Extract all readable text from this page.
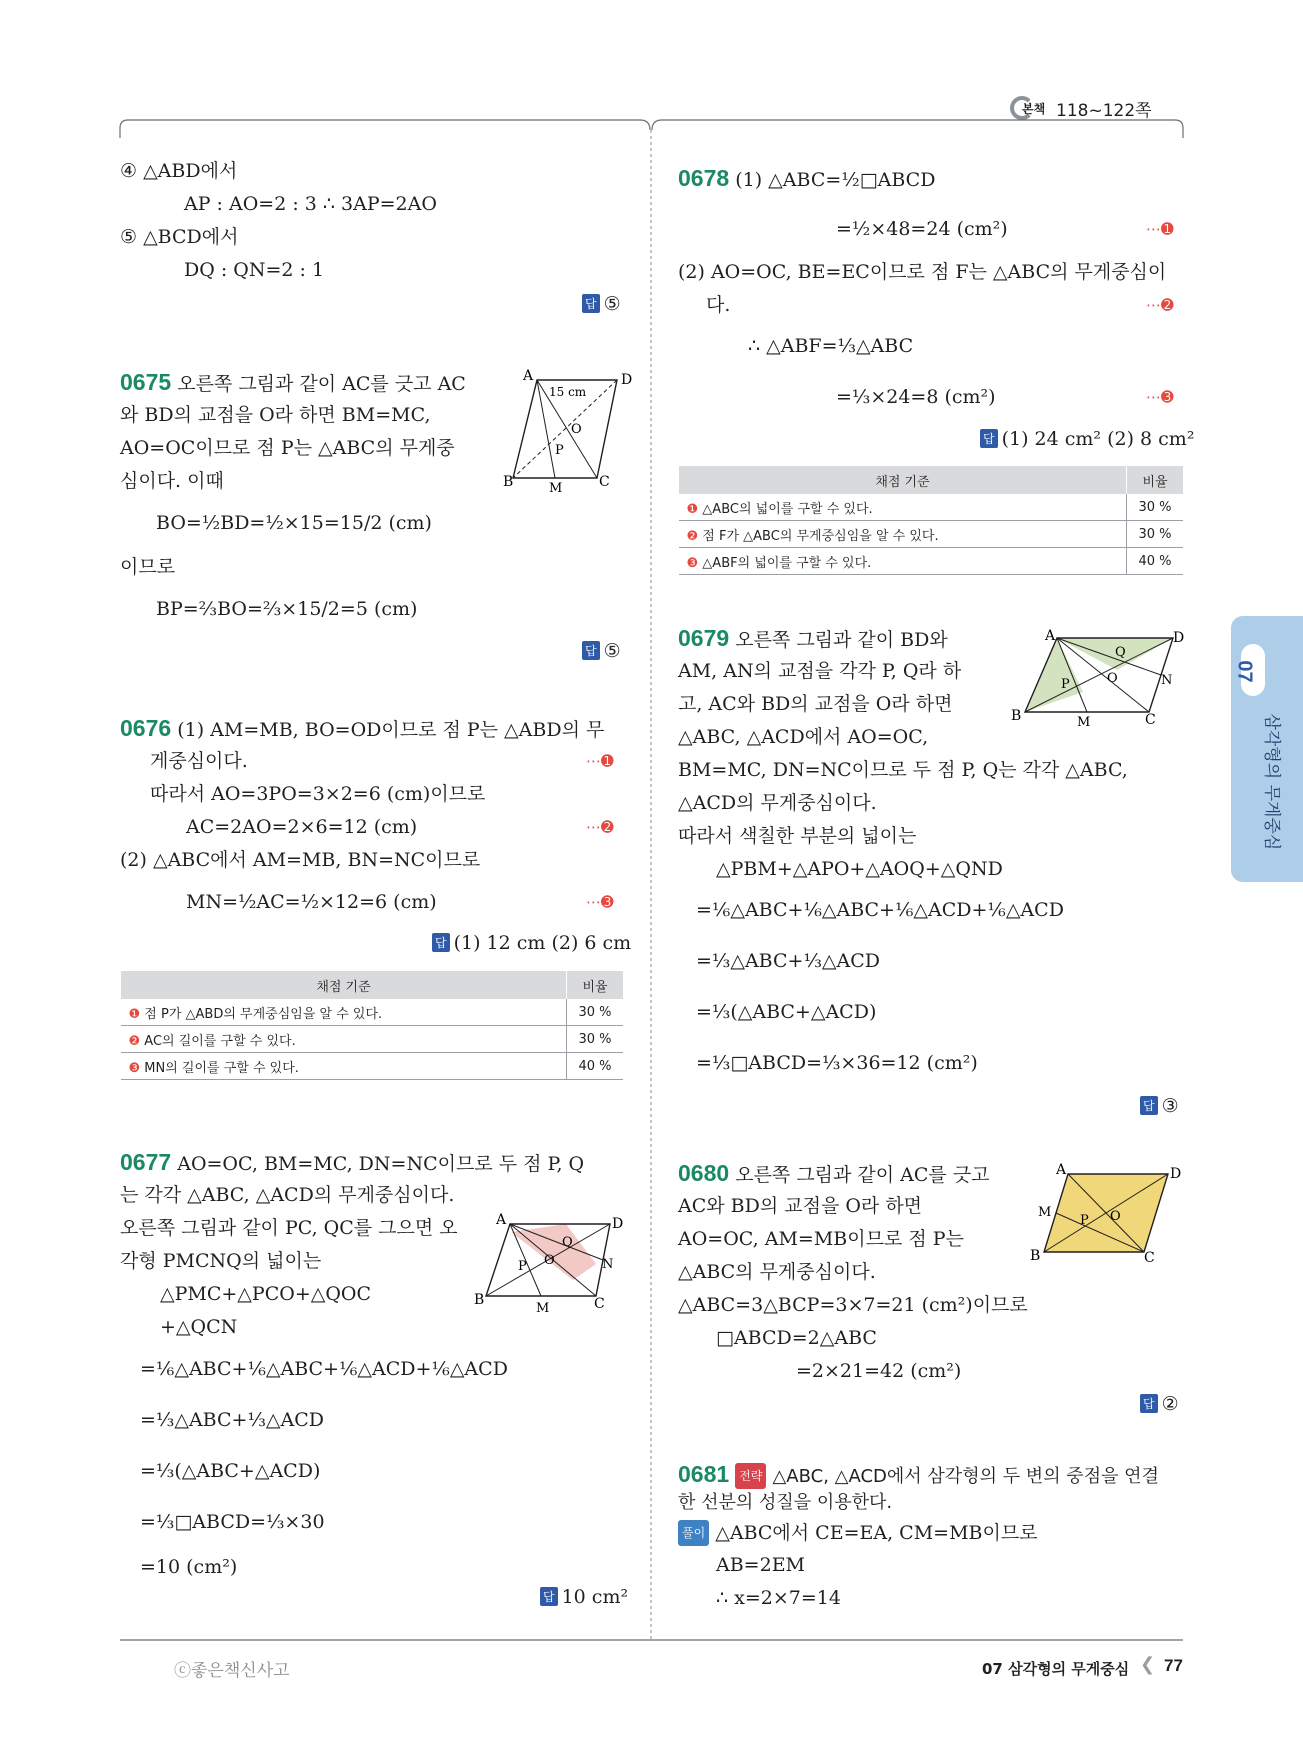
본책 118~122쪽
07
삼각형의 무게중심
④ △ABD에서
AP : AO=2 : 3 ∴ 3AP=2AO
⑤ △BCD에서
DQ : QN=2 : 1
답 ⑤
0675 오른쪽 그림과 같이 AC를 긋고 AC
와 BD의 교점을 O라 하면 BM=MC,
AO=OC이므로 점 P는 △ABC의 무게중
심이다. 이때
BO=½BD=½×15=15/2 (cm)
이므로
BP=⅔BO=⅔×15/2=5 (cm)
답 ⑤
A	D
B	C
O
P
M
15 cm
0676 (1) AM=MB, BO=OD이므로 점 P는 △ABD의 무
게중심이다.	⋯➊
따라서 AO=3PO=3×2=6 (cm)이므로
AC=2AO=2×6=12 (cm)	⋯➋
(2) △ABC에서 AM=MB, BN=NC이므로
MN=½AC=½×12=6 (cm)	⋯➌
답 (1) 12 cm (2) 6 cm
채점 기준	비율
❶ 점 P가 △ABD의 무게중심임을 알 수 있다.	30 %
❷ AC의 길이를 구할 수 있다.	30 %
❸ MN의 길이를 구할 수 있다.	40 %
0677 AO=OC, BM=MC, DN=NC이므로 두 점 P, Q
는 각각 △ABC, △ACD의 무게중심이다.
오른쪽 그림과 같이 PC, QC를 그으면 오
각형 PMCNQ의 넓이는
△PMC+△PCO+△QOC
+△QCN
=⅙△ABC+⅙△ABC+⅙△ACD+⅙△ACD
=⅓△ABC+⅓△ACD
=⅓(△ABC+△ACD)
=⅓□ABCD=⅓×30
=10 (cm²)
답 10 cm²
A	D
B	C
O
P
Q
N
M
0678 (1) △ABC=½□ABCD
=½×48=24 (cm²)	⋯➊
(2) AO=OC, BE=EC이므로 점 F는 △ABC의 무게중심이
다.	⋯➋
∴ △ABF=⅓△ABC
=⅓×24=8 (cm²)	⋯➌
답 (1) 24 cm² (2) 8 cm²
채점 기준	비율
❶ △ABC의 넓이를 구할 수 있다.	30 %
❷ 점 F가 △ABC의 무게중심임을 알 수 있다.	30 %
❸ △ABF의 넓이를 구할 수 있다.	40 %
0679 오른쪽 그림과 같이 BD와
AM, AN의 교점을 각각 P, Q라 하
고, AC와 BD의 교점을 O라 하면
△ABC, △ACD에서 AO=OC,
BM=MC, DN=NC이므로 두 점 P, Q는 각각 △ABC,
△ACD의 무게중심이다.
따라서 색칠한 부분의 넓이는
△PBM+△APO+△AOQ+△QND
=⅙△ABC+⅙△ABC+⅙△ACD+⅙△ACD
=⅓△ABC+⅓△ACD
=⅓(△ABC+△ACD)
=⅓□ABCD=⅓×36=12 (cm²)
답 ③
A	D
B	C
O
P
Q
N
M
0680 오른쪽 그림과 같이 AC를 긋고
AC와 BD의 교점을 O라 하면
AO=OC, AM=MB이므로 점 P는
△ABC의 무게중심이다.
△ABC=3△BCP=3×7=21 (cm²)이므로
□ABCD=2△ABC
=2×21=42 (cm²)
답 ②
A	D
B	C
M
P O
0681 전략 △ABC, △ACD에서 삼각형의 두 변의 중점을 연결
한 선분의 성질을 이용한다.
풀이 △ABC에서 CE=EA, CM=MB이므로
AB=2EM
∴ x=2×7=14
ⓒ좋은책신사고	07 삼각형의 무게중심 ❮ 77
